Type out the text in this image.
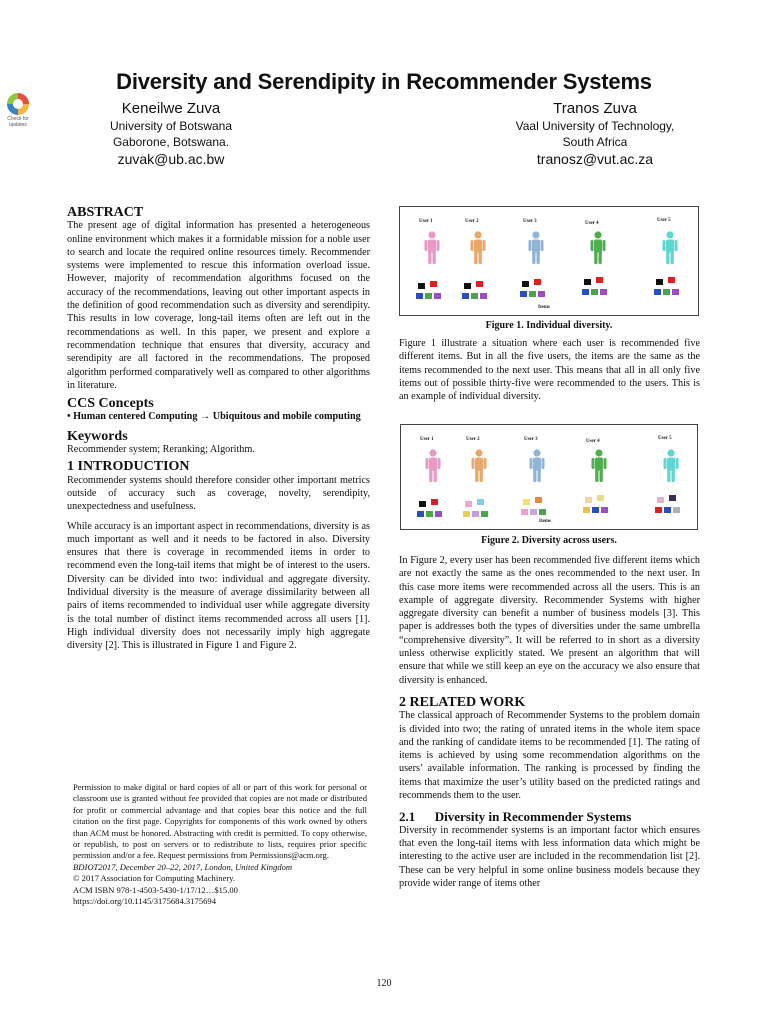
Diversity and Serendipity in Recommender Systems
Check for updates
Keneilwe Zuva
University of Botswana
Gaborone, Botswana.
zuvak@ub.ac.bw
Tranos Zuva
Vaal University of Technology,
South Africa
tranosz@vut.ac.za
ABSTRACT

The present age of digital information has presented a heterogeneous online environment which makes it a formidable mission for a noble user to search and locate the required online resources timely. Recommender systems were implemented to rescue this information overload issue. However, majority of recommendation algorithms focused on the accuracy of the recommendations, leaving out other important aspects in the definition of good recommendation such as diversity and serendipity. This results in low coverage, long-tail items often are left out in the recommendations as well. In this paper, we present and explore a recommendation technique that ensures that diversity, accuracy and serendipity are all factored in the recommendations. The proposed algorithm performed comparatively well as compared to other algorithms in literature.

CCS Concepts

• Human centered Computing → Ubiquitous and mobile computing

Keywords

Recommender system; Reranking; Algorithm.

1 INTRODUCTION

Recommender systems should therefore consider other important metrics outside of accuracy such as coverage, novelty, serendipity, unexpectedness and usefulness.

While accuracy is an important aspect in recommendations, diversity is as much important as well and it needs to be factored in also. Diversity ensures that there is coverage in recommended items in order to recommend even the long-tail items that might be of interest to the users. Diversity can be divided into two: individual and aggregate diversity. Individual diversity is the measure of average dissimilarity between all pairs of items recommended to individual user while aggregate diversity is the total number of distinct items recommended across all users [1]. High individual diversity does not necessarily imply high aggregate diversity [2]. This is illustrated in Figure 1 and Figure 2.

Permission to make digital or hard copies of all or part of this work for personal or classroom use is granted without fee provided that copies are not made or distributed for profit or commercial advantage and that copies bear this notice and the full citation on the first page. Copyrights for components of this work owned by others than ACM must be honored. Abstracting with credit is permitted. To copy otherwise, or republish, to post on servers or to redistribute to lists, requires prior specific permission and/or a fee. Request permissions from Permissions@acm.org.

BDIOT2017, December 20–22, 2017, London, United Kingdom

© 2017 Association for Computing Machinery.

ACM ISBN 978-1-4503-5430-1/17/12…$15.00

https://doi.org/10.1145/3175684.3175694

User 1	User 2	User 3	User 4
User 5
Items
Figure 1. Individual diversity.
Figure 1 illustrate a situation where each user is recommended five different items. But in all the five users, the items are the same as the items recommended to the next user. This means that all in all only five items out of possible thirty-five were recommended to the users. This is an example of individual diversity.
User 1	User 2	User 3	User 4
User 5
Items
Figure 2. Diversity across users.

In Figure 2, every user has been recommended five different items which are not exactly the same as the ones recommended to the next user. In this case more items were recommended across all the users. This is an example of aggregate diversity. Recommender Systems with higher aggregate diversity can benefit a number of business models [3]. This paper is addresses both the types of diversities under the same umbrella “comprehensive diversity”. It will be referred to in short as a diversity unless otherwise explicitly stated. We present an algorithm that will ensure that while we still keep an eye on the accuracy we also ensure that diversity is enhanced.

2 RELATED WORK

The classical approach of Recommender Systems to the problem domain is divided into two; the rating of unrated items in the whole item space and the ranking of candidate items to be recommended [1]. The rating of items is achieved by using some recommendation algorithms on the users’ available information. The ranking is processed by finding the items that maximize the user’s utility based on the predicted ratings and recommends them to the user.

2.1      Diversity in Recommender Systems

Diversity in recommender systems is an important factor which ensures that even the long-tail items with less information data which might be interesting to the active user are included in the recommendation list [2]. These can be very helpful in some online business models because they provide wider range of items other

120
